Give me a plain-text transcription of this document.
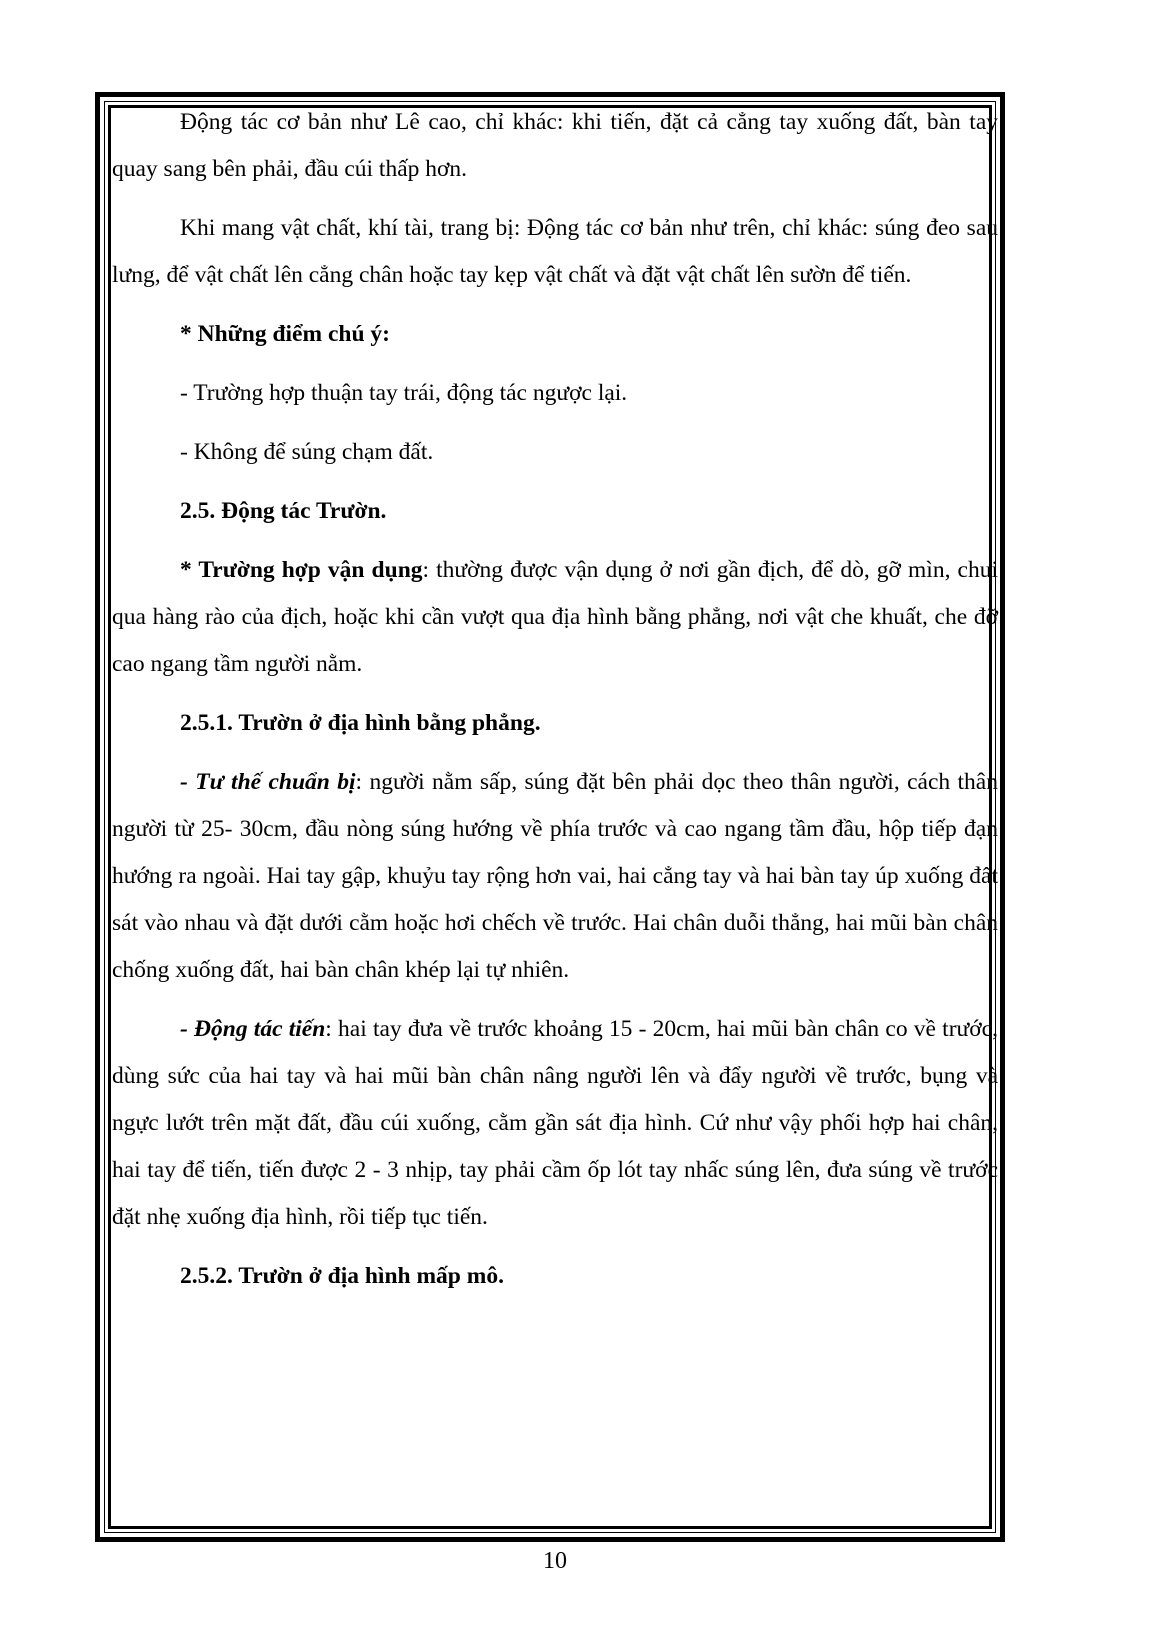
Động tác cơ bản như Lê cao, chỉ khác: khi tiến, đặt cả cẳng tay xuống đất, bàn tay quay sang bên phải, đầu cúi thấp hơn.

Khi mang vật chất, khí tài, trang bị: Động tác cơ bản như trên, chỉ khác: súng đeo sau lưng, để vật chất lên cẳng chân hoặc tay kẹp vật chất và đặt vật chất lên sườn để tiến.

* Những điểm chú ý:

- Trường hợp thuận tay trái, động tác ngược lại.

- Không để súng chạm đất.

2.5. Động tác Trườn.

* Trường hợp vận dụng: thường được vận dụng ở nơi gần địch, để dò, gỡ mìn, chui qua hàng rào của địch, hoặc khi cần vượt qua địa hình bằng phẳng, nơi vật che khuất, che đỡ cao ngang tầm người nằm.

2.5.1. Trườn ở địa hình bằng phẳng.

- Tư thế chuẩn bị: người nằm sấp, súng đặt bên phải dọc theo thân người, cách thân người từ 25- 30cm, đầu nòng súng hướng về phía trước và cao ngang tầm đầu, hộp tiếp đạn hướng ra ngoài. Hai tay gập, khuỷu tay rộng hơn vai, hai cẳng tay và hai bàn tay úp xuống đất sát vào nhau và đặt dưới cằm hoặc hơi chếch về trước. Hai chân duỗi thẳng, hai mũi bàn chân chống xuống đất, hai bàn chân khép lại tự nhiên.

- Động tác tiến: hai tay đưa về trước khoảng 15 - 20cm, hai mũi bàn chân co về trước, dùng sức của hai tay và hai mũi bàn chân nâng người lên và đẩy người về trước, bụng và ngực lướt trên mặt đất, đầu cúi xuống, cằm gần sát địa hình. Cứ như vậy phối hợp hai chân, hai tay để tiến, tiến được 2 - 3 nhịp, tay phải cầm ốp lót tay nhấc súng lên, đưa súng về trước đặt nhẹ xuống địa hình, rồi tiếp tục tiến.

2.5.2. Trườn ở địa hình mấp mô.

10
